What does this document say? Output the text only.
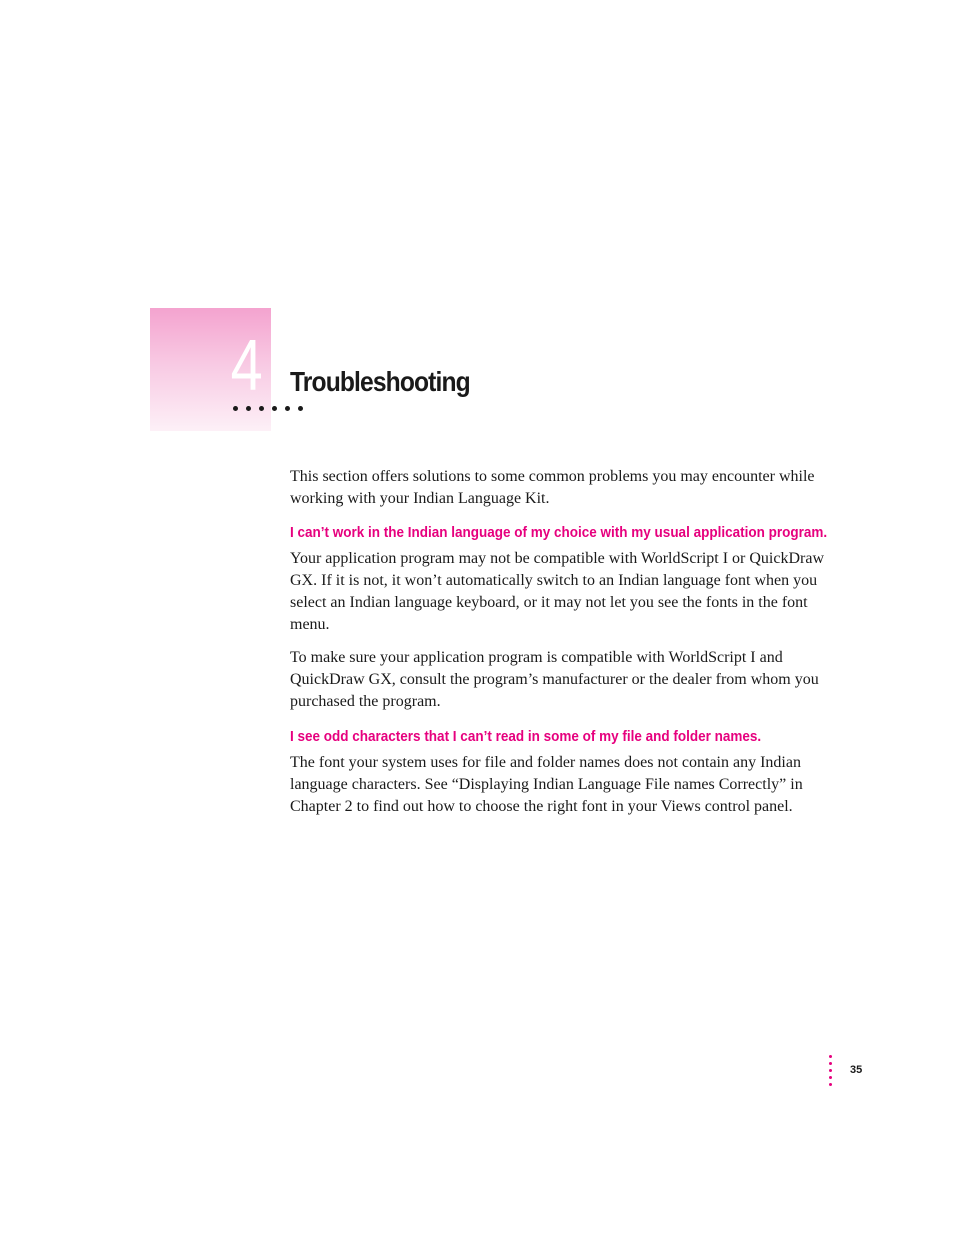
4 Troubleshooting

This section offers solutions to some common problems you may encounter while working with your Indian Language Kit.

I can’t work in the Indian language of my choice with my usual application program.

Your application program may not be compatible with WorldScript I or QuickDraw GX. If it is not, it won’t automatically switch to an Indian language font when you select an Indian language keyboard, or it may not let you see the fonts in the font menu.

To make sure your application program is compatible with WorldScript I and QuickDraw GX, consult the program’s manufacturer or the dealer from whom you purchased the program.

I see odd characters that I can’t read in some of my file and folder names.

The font your system uses for file and folder names does not contain any Indian language characters. See “Displaying Indian Language File names Correctly” in Chapter 2 to find out how to choose the right font in your Views control panel.

35
